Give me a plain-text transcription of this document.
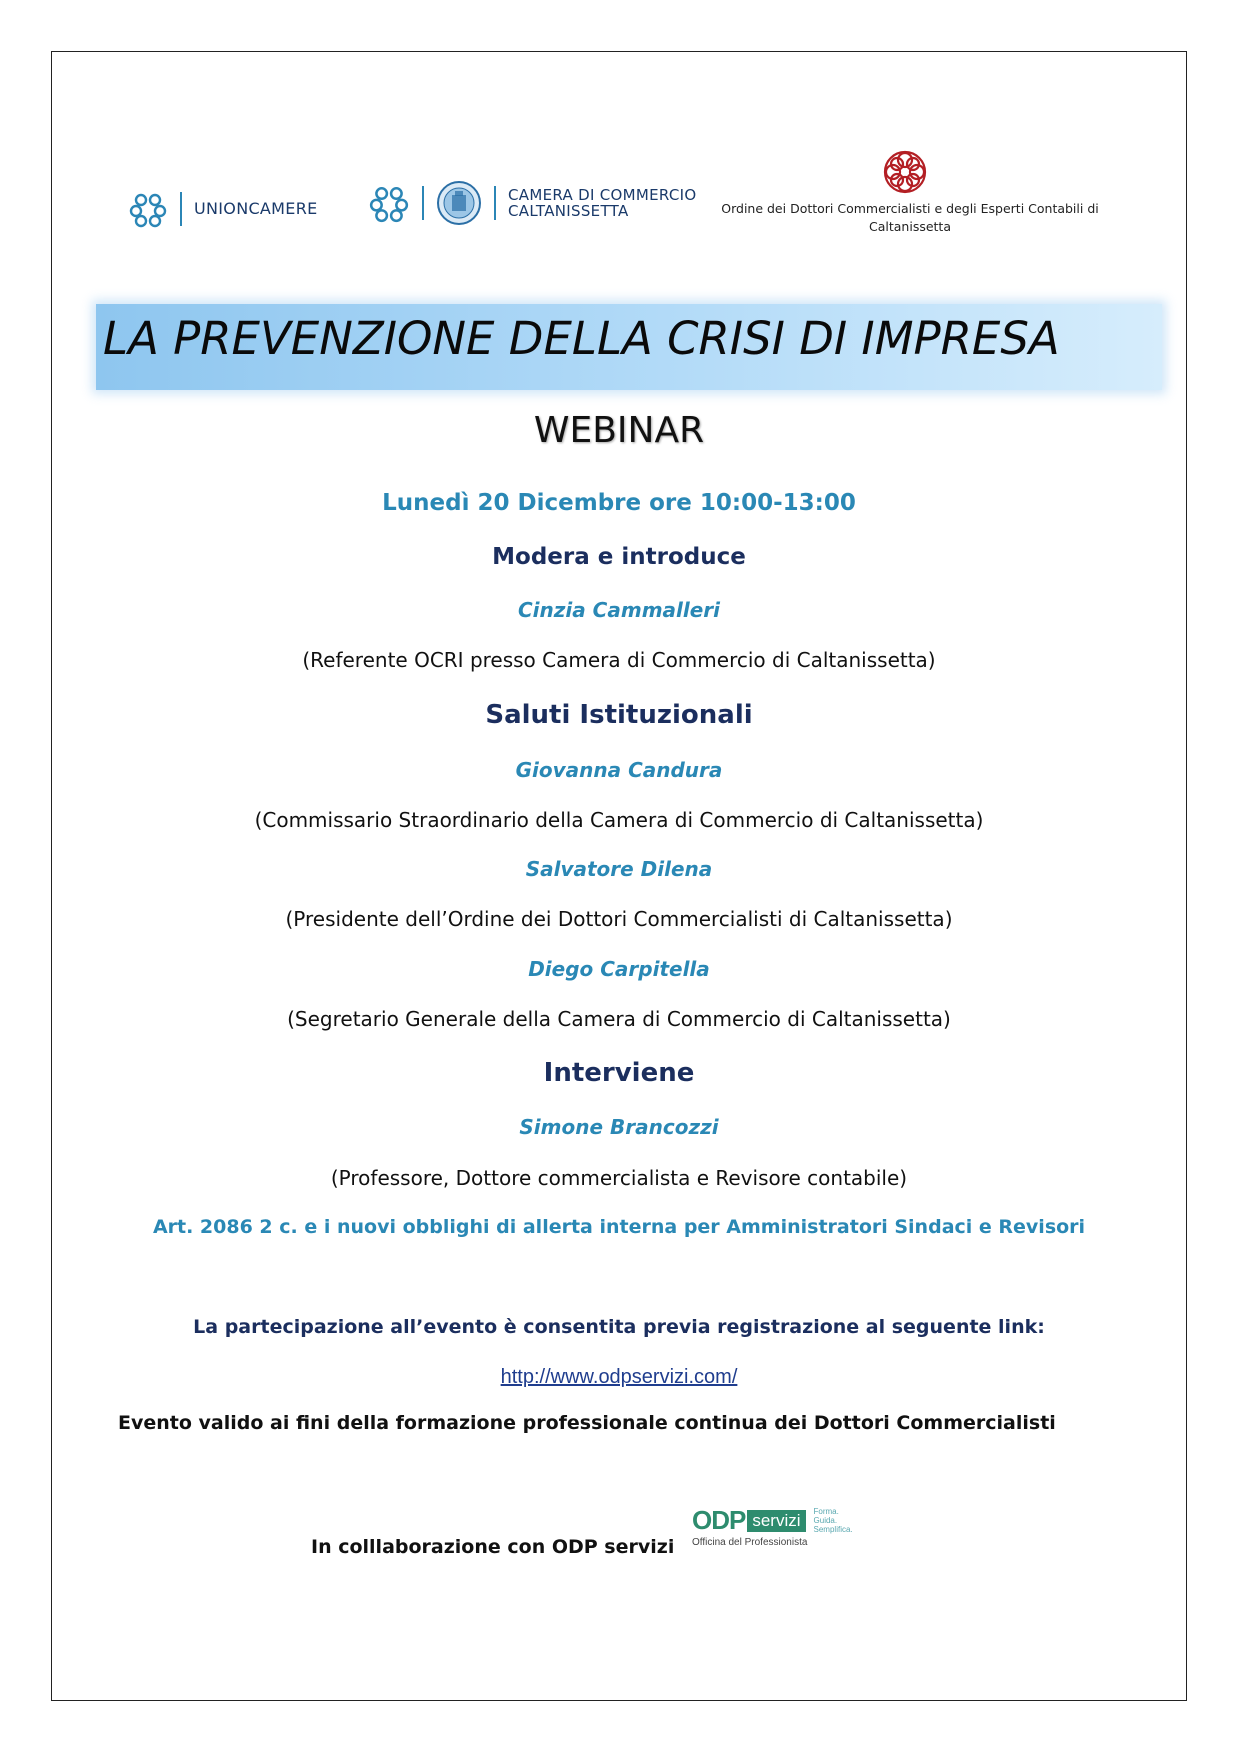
UNIONCAMERE
CAMERA DI COMMERCIO
CALTANISSETTA	Ordine dei Dottori Commercialisti e degli Esperti Contabili di
Caltanissetta
LA PREVENZIONE DELLA CRISI DI IMPRESA
WEBINAR
Lunedì 20 Dicembre ore 10:00-13:00
Modera e introduce
Cinzia Cammalleri
(Referente OCRI presso Camera di Commercio di Caltanissetta)
Saluti Istituzionali
Giovanna Candura
(Commissario Straordinario della Camera di Commercio di Caltanissetta)
Salvatore Dilena
(Presidente dell’Ordine dei Dottori Commercialisti di Caltanissetta)
Diego Carpitella
(Segretario Generale della Camera di Commercio di Caltanissetta)
Interviene
Simone Brancozzi
(Professore, Dottore commercialista e Revisore contabile)
Art. 2086 2 c. e i nuovi obblighi di allerta interna per Amministratori Sindaci e Revisori
La partecipazione all’evento è consentita previa registrazione al seguente link:
http://www.odpservizi.com/
Evento valido ai fini della formazione professionale continua dei Dottori Commercialisti
In colllaborazione con ODP servizi
ODP servizi	Forma.
Guida.
Semplifica.
Officina del Professionista
